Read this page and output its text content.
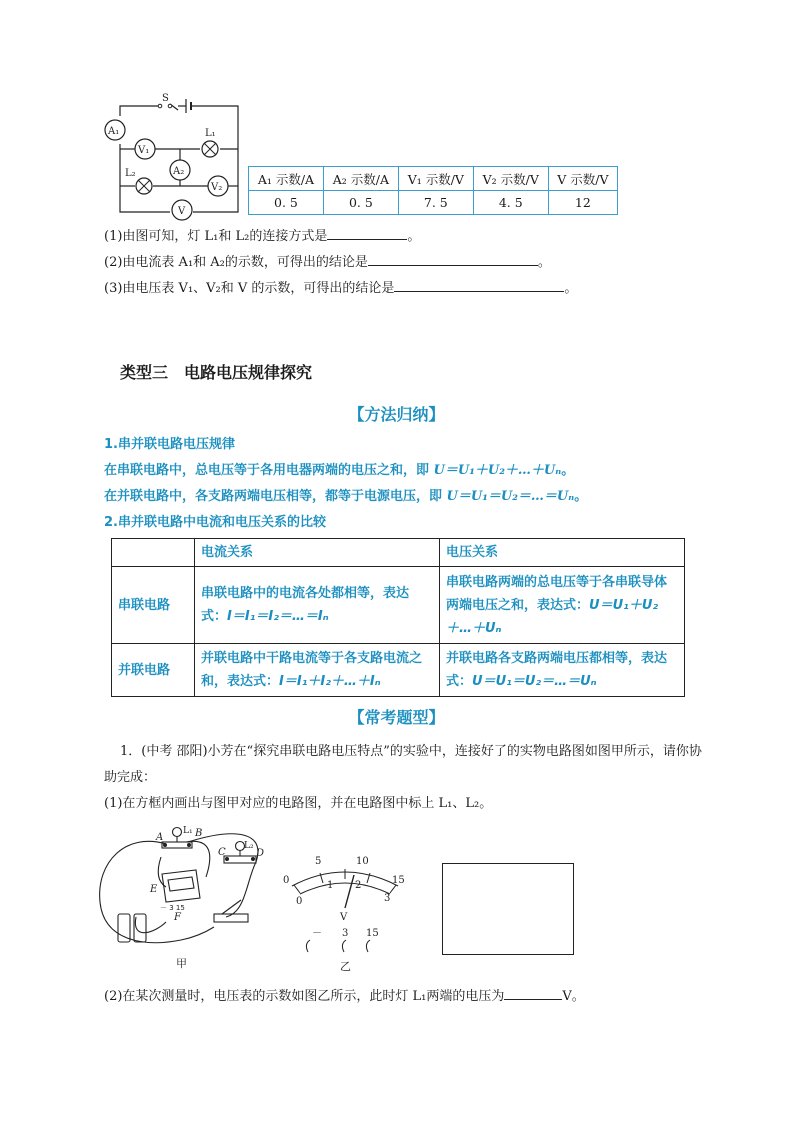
S
A₁
V₁
L₁
A₂
L₂
V₂
V
A₁ 示数/A	A₂ 示数/A	V₁ 示数/V	V₂ 示数/V	V 示数/V
0. 5	0. 5	7. 5	4. 5	12
(1)由图可知，灯 L₁和 L₂的连接方式是	。
(2)由电流表 A₁和 A₂的示数，可得出的结论是	。
(3)由电压表 V₁、V₂和 V 的示数，可得出的结论是	。
类型三　电路电压规律探究
【方法归纳】
1.串并联电路电压规律
在串联电路中，总电压等于各用电器两端的电压之和，即 U＝U₁＋U₂＋…＋Uₙ。
在并联电路中，各支路两端电压相等，都等于电源电压，即 U＝U₁＝U₂＝…＝Uₙ。
2.串并联电路中电流和电压关系的比较
	电流关系	电压关系
串联电路	串联电路中的电流各处都相等，表达式：I＝I₁＝I₂＝…＝Iₙ	串联电路两端的总电压等于各串联导体两端电压之和，表达式：U＝U₁＋U₂＋…＋Uₙ
并联电路	并联电路中干路电流等于各支路电流之和，表达式：I＝I₁＋I₂＋…＋Iₙ	并联电路各支路两端电压都相等，表达式：U＝U₁＝U₂＝…＝Uₙ
【常考题型】
1．(中考 邵阳)小芳在“探究串联电路电压特点”的实验中，连接好了的实物电路图如图甲所示，请你协
助完成：
(1)在方框内画出与图甲对应的电路图，并在电路图中标上 L₁、L₂。
A
L₁ B
C
L₂
D
E
－ 3 15
F
甲
5	10
0	15
0
1 2
3
V
－ 3 15
乙
(2)在某次测量时，电压表的示数如图乙所示，此时灯 L₁两端的电压为	V。
